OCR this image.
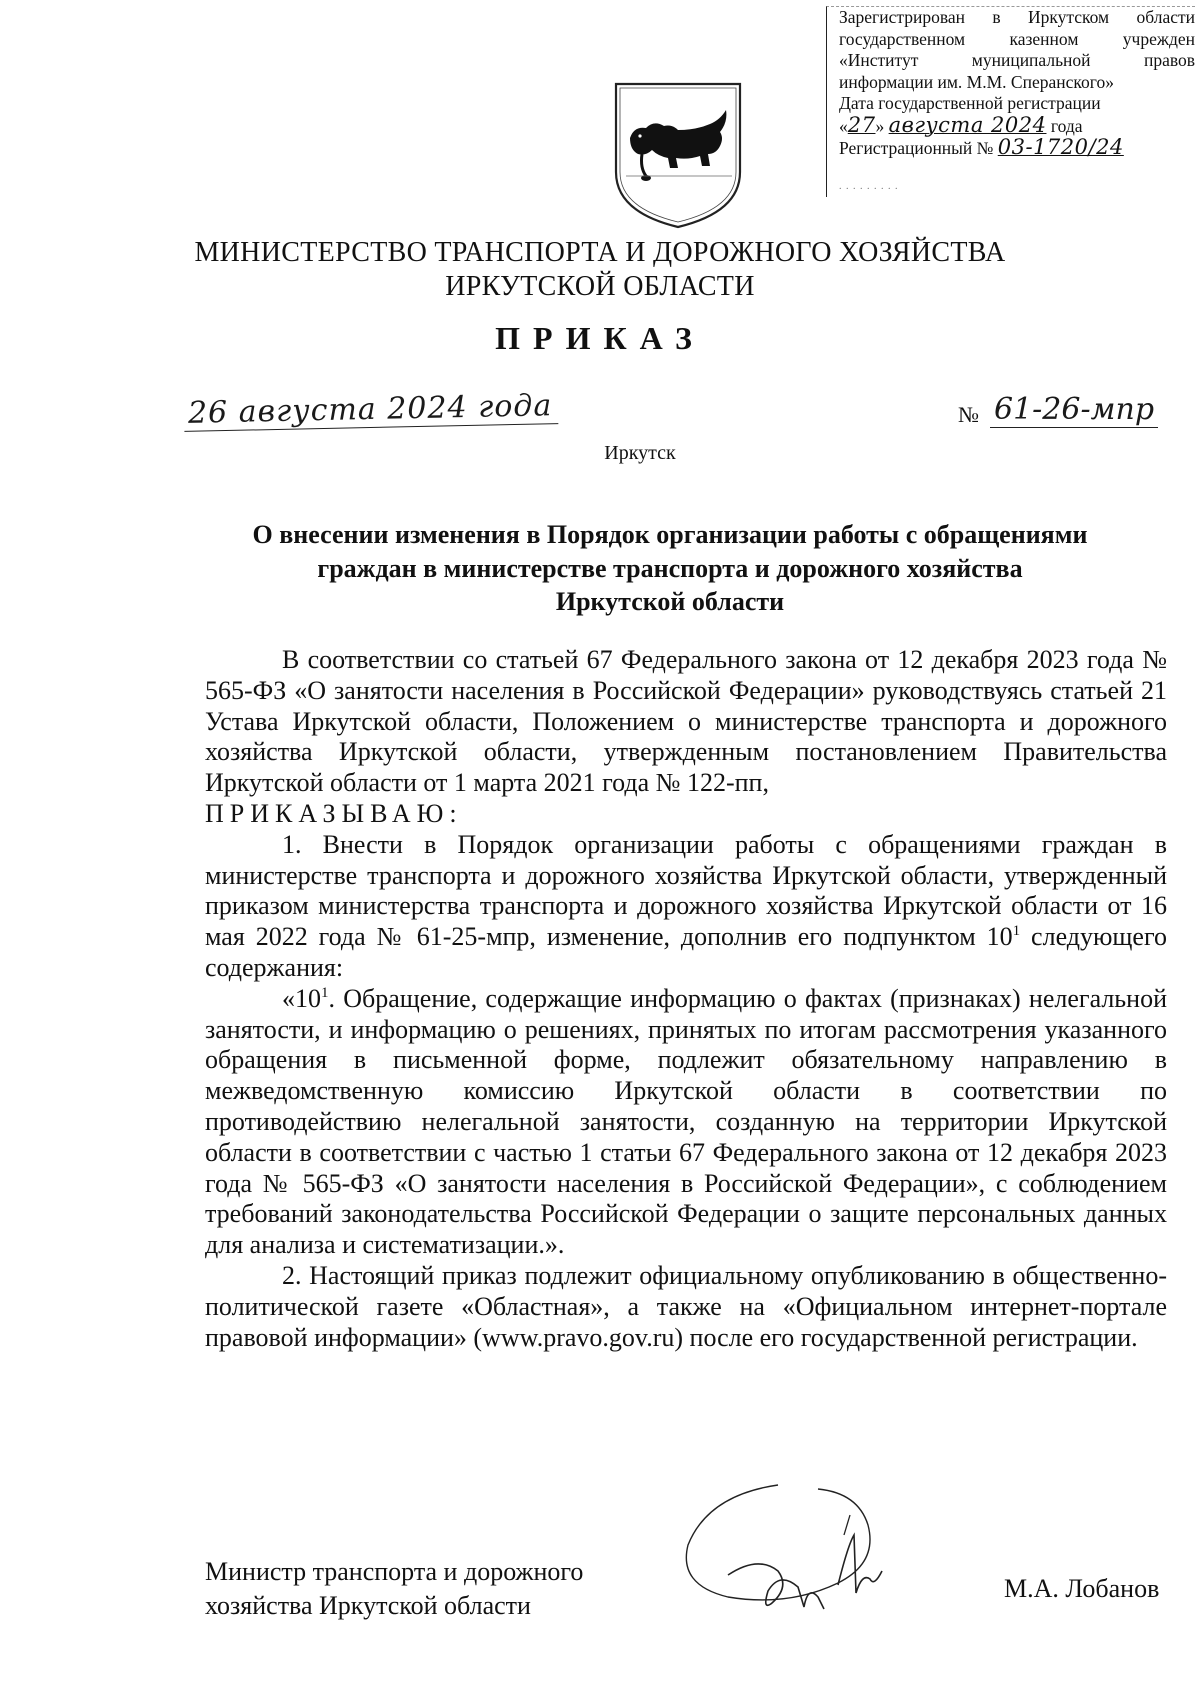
Зарегистрирован в Иркутском области
государственном казенном учрежден
«Институт муниципальной правов
информации им. М.М. Сперанского»
Дата государственной регистрации
«27» августа 2024 года
Регистрационный № 03-1720/24
. . . . . . . . .
МИНИСТЕРСТВО ТРАНСПОРТА И ДОРОЖНОГО ХОЗЯЙСТВА
ИРКУТСКОЙ ОБЛАСТИ
ПРИКАЗ
26 августа 2024 года	№ 61-26-мпр
Иркутск
О внесении изменения в Порядок организации работы с обращениями
граждан в министерстве транспорта и дорожного хозяйства
Иркутской области

В соответствии со статьей 67 Федерального закона от 12 декабря 2023 года № 565-ФЗ «О занятости населения в Российской Федерации» руководствуясь статьей 21 Устава Иркутской области, Положением о министерстве транспорта и дорожного хозяйства Иркутской области, утвержденным постановлением Правительства Иркутской области от 1 марта 2021 года № 122-пп,

ПРИКАЗЫВАЮ:

1. Внести в Порядок организации работы с обращениями граждан в министерстве транспорта и дорожного хозяйства Иркутской области, утвержденный приказом министерства транспорта и дорожного хозяйства Иркутской области от 16 мая 2022 года № 61-25-мпр, изменение, дополнив его подпунктом $10^1$ следующего содержания:

«$10^1$. Обращение, содержащие информацию о фактах (признаках) нелегальной занятости, и информацию о решениях, принятых по итогам рассмотрения указанного обращения в письменной форме, подлежит обязательному направлению в межведомственную комиссию Иркутской области в соответствии по противодействию нелегальной занятости, созданную на территории Иркутской области в соответствии с частью 1 статьи 67 Федерального закона от 12 декабря 2023 года № 565-ФЗ «О занятости населения в Российской Федерации», с соблюдением требований законодательства Российской Федерации о защите персональных данных для анализа и систематизации.».

2. Настоящий приказ подлежит официальному опубликованию в общественно-политической газете «Областная», а также на «Официальном интернет-портале правовой информации» (www.pravo.gov.ru) после его государственной регистрации.

Министр транспорта и дорожного
хозяйства Иркутской области
М.А. Лобанов
